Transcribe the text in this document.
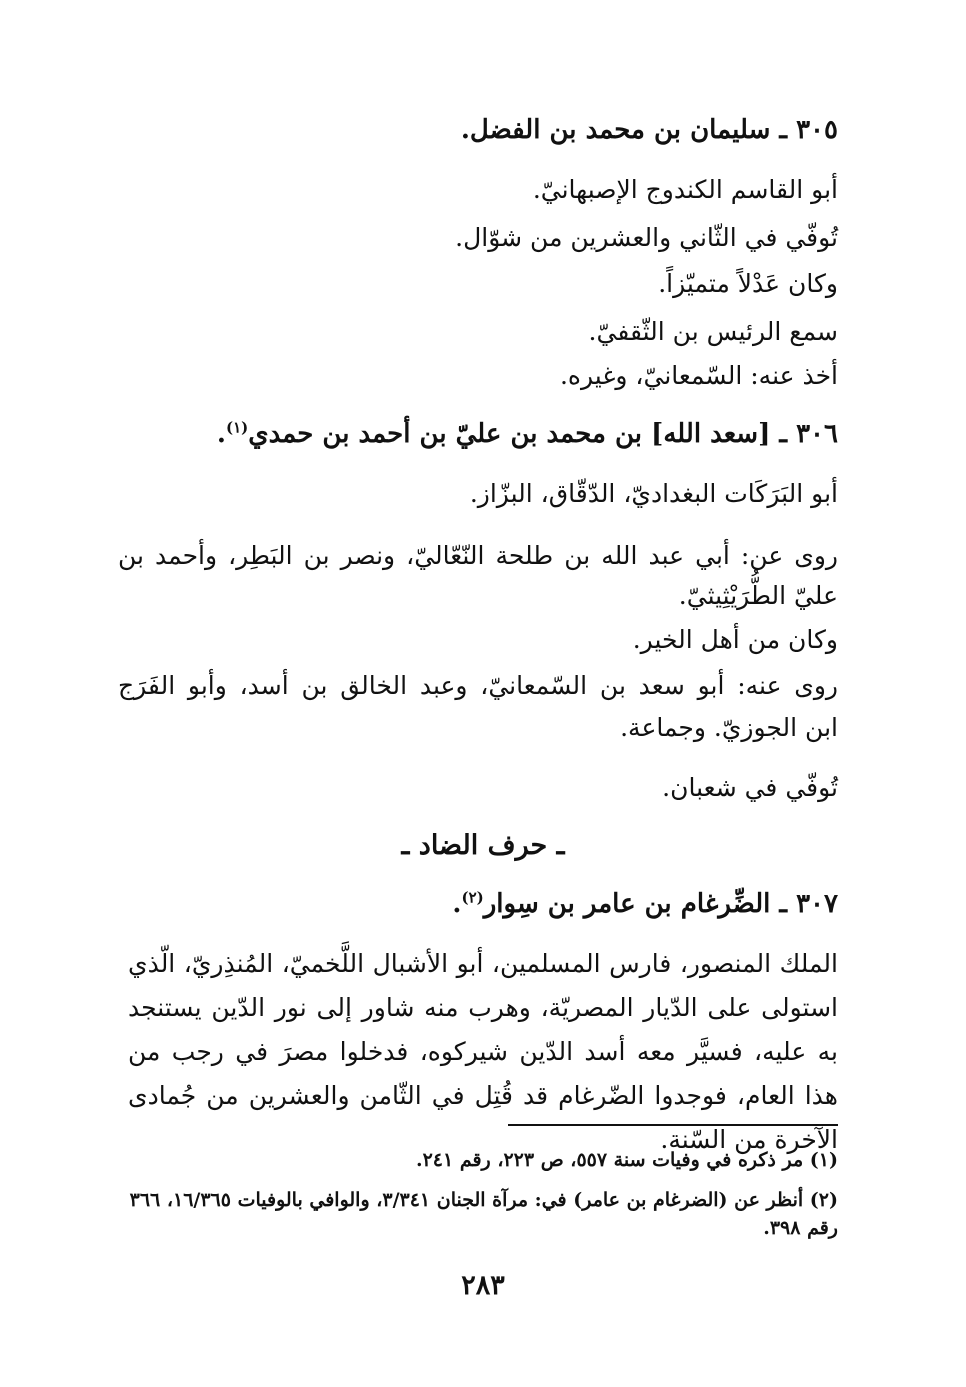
٣٠٥ ـ سليمان بن محمد بن الفضل.
أبو القاسم الكندوج الإصبهانيّ.
تُوفّي في الثّاني والعشرين من شوّال.
وكان عَدْلاً متميّزاً.
سمع الرئيس بن الثّقفيّ.
أخذ عنه: السّمعانيّ، وغيره.
٣٠٦ ـ [سعد الله] بن محمد بن عليّ بن أحمد بن حمدي$^{(١)}$.
أبو البَرَكَات البغداديّ، الدّقّاق، البزّاز.
روى عن: أبي عبد الله بن طلحة النّعّاليّ، ونصر بن البَطِر، وأحمد بن
عليّ الطُّرَيْثِيثيّ.
وكان من أهل الخير.
روى عنه: أبو سعد بن السّمعانيّ، وعبد الخالق بن أسد، وأبو الفَرَج
ابن الجوزيّ. وجماعة.
تُوفّي في شعبان.
ـ حرف الضاد ـ
٣٠٧ ـ الضِّرغام بن عامر بن سِوار$^{(٢)}$.
الملك المنصور، فارس المسلمين، أبو الأشبال اللَّخميّ، المُنذِريّ، الّذي استولى على الدّيار المصريّة، وهرب منه شاور إلى نور الدّين يستنجد به عليه، فسيَّر معه أسد الدّين شيركوه، فدخلوا مصرَ في رجب من هذا العام، فوجدوا الضّرغام قد قُتِل في الثّامن والعشرين من جُمادى الآخرة من السّنة.
(١) مر ذكره في وفيات سنة ٥٥٧، ص ٢٢٣، رقم ٢٤١.
(٢) أنظر عن (الضرغام بن عامر) في: مرآة الجنان ٣/٣٤١، والوافي بالوفيات ١٦/٣٦٥، ٣٦٦ رقم ٣٩٨.
٢٨٣
